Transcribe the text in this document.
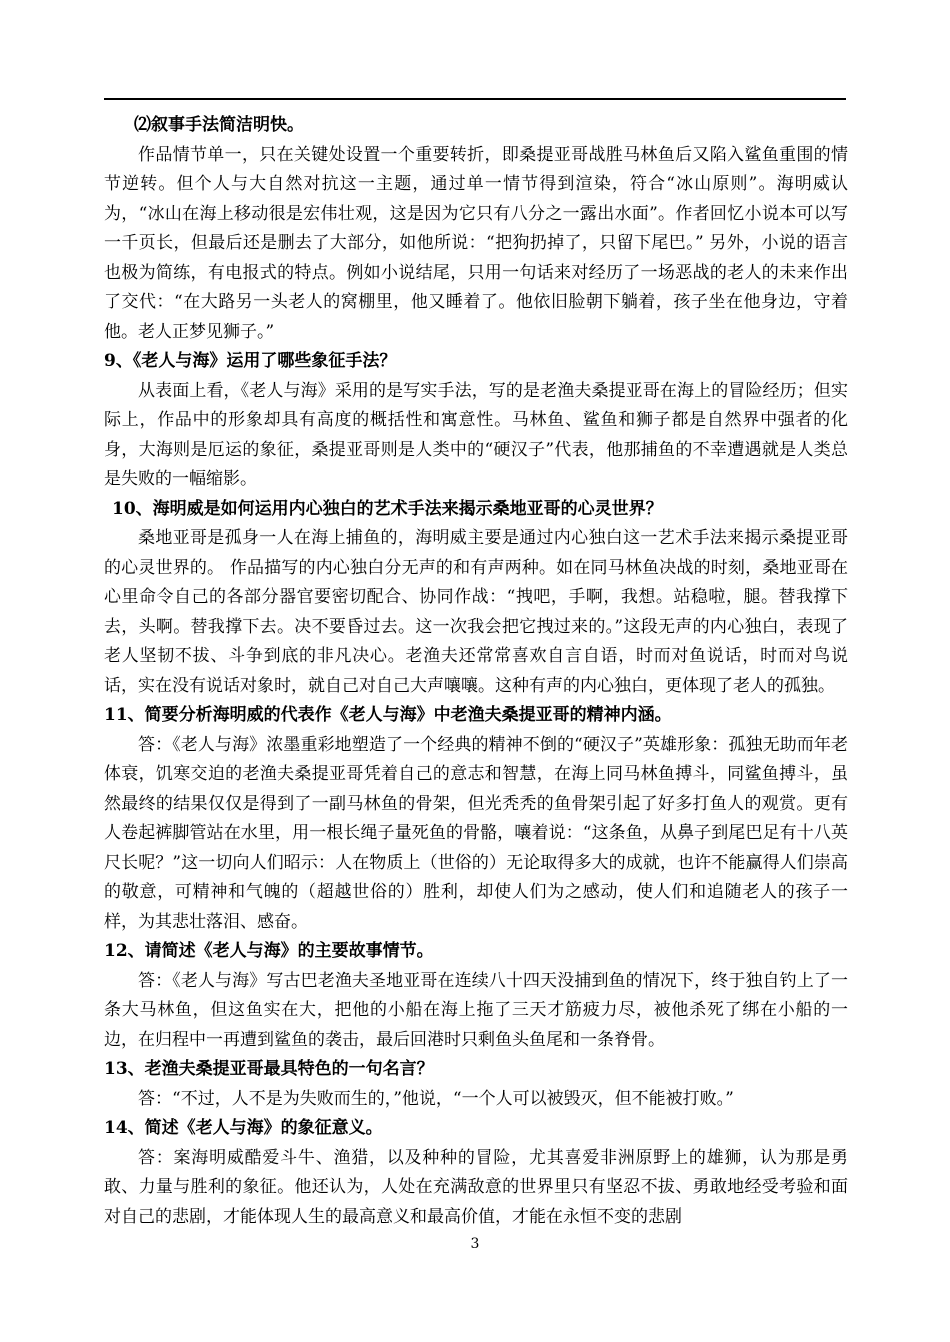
⑵叙事手法简洁明快。

作品情节单一，只在关键处设置一个重要转折，即桑提亚哥战胜马林鱼后又陷入鲨鱼重围的情节逆转。但个人与大自然对抗这一主题，通过单一情节得到渲染，符合“冰山原则”。海明威认为，“冰山在海上移动很是宏伟壮观，这是因为它只有八分之一露出水面”。作者回忆小说本可以写一千页长，但最后还是删去了大部分，如他所说：“把狗扔掉了，只留下尾巴。” 另外，小说的语言也极为简练，有电报式的特点。例如小说结尾，只用一句话来对经历了一场恶战的老人的未来作出了交代：“在大路另一头老人的窝棚里，他又睡着了。他依旧脸朝下躺着，孩子坐在他身边，守着他。老人正梦见狮子。”

9、《老人与海》运用了哪些象征手法？

从表面上看，《老人与海》采用的是写实手法，写的是老渔夫桑提亚哥在海上的冒险经历；但实际上，作品中的形象却具有高度的概括性和寓意性。马林鱼、鲨鱼和狮子都是自然界中强者的化身，大海则是厄运的象征，桑提亚哥则是人类中的“硬汉子”代表，他那捕鱼的不幸遭遇就是人类总是失败的一幅缩影。

10、海明威是如何运用内心独白的艺术手法来揭示桑地亚哥的心灵世界？

桑地亚哥是孤身一人在海上捕鱼的，海明威主要是通过内心独白这一艺术手法来揭示桑提亚哥的心灵世界的。 作品描写的内心独白分无声的和有声两种。如在同马林鱼决战的时刻，桑地亚哥在心里命令自己的各部分器官要密切配合、协同作战：“拽吧，手啊，我想。站稳啦，腿。替我撑下去，头啊。替我撑下去。决不要昏过去。这一次我会把它拽过来的。”这段无声的内心独白，表现了老人坚韧不拔、斗争到底的非凡决心。老渔夫还常常喜欢自言自语，时而对鱼说话，时而对鸟说话，实在没有说话对象时，就自己对自己大声嚷嚷。这种有声的内心独白，更体现了老人的孤独。

11、简要分析海明威的代表作《老人与海》中老渔夫桑提亚哥的精神内涵。

答：《老人与海》浓墨重彩地塑造了一个经典的精神不倒的“硬汉子”英雄形象：孤独无助而年老体衰，饥寒交迫的老渔夫桑提亚哥凭着自己的意志和智慧，在海上同马林鱼搏斗，同鲨鱼搏斗，虽然最终的结果仅仅是得到了一副马林鱼的骨架，但光秃秃的鱼骨架引起了好多打鱼人的观赏。更有人卷起裤脚管站在水里，用一根长绳子量死鱼的骨骼，嚷着说：“这条鱼，从鼻子到尾巴足有十八英尺长呢？”这一切向人们昭示：人在物质上（世俗的）无论取得多大的成就，也许不能赢得人们崇高的敬意，可精神和气魄的（超越世俗的）胜利，却使人们为之感动，使人们和追随老人的孩子一样，为其悲壮落泪、感奋。

12、请简述《老人与海》的主要故事情节。

答：《老人与海》写古巴老渔夫圣地亚哥在连续八十四天没捕到鱼的情况下，终于独自钓上了一条大马林鱼，但这鱼实在大，把他的小船在海上拖了三天才筋疲力尽，被他杀死了绑在小船的一边，在归程中一再遭到鲨鱼的袭击，最后回港时只剩鱼头鱼尾和一条脊骨。

13、老渔夫桑提亚哥最具特色的一句名言？

答：“不过，人不是为失败而生的，”他说，“一个人可以被毁灭，但不能被打败。”

14、简述《老人与海》的象征意义。

答：案海明威酷爱斗牛、渔猎，以及种种的冒险，尤其喜爱非洲原野上的雄狮，认为那是勇敢、力量与胜利的象征。他还认为，人处在充满敌意的世界里只有坚忍不拔、勇敢地经受考验和面对自己的悲剧，才能体现人生的最高意义和最高价值，才能在永恒不变的悲剧

3
